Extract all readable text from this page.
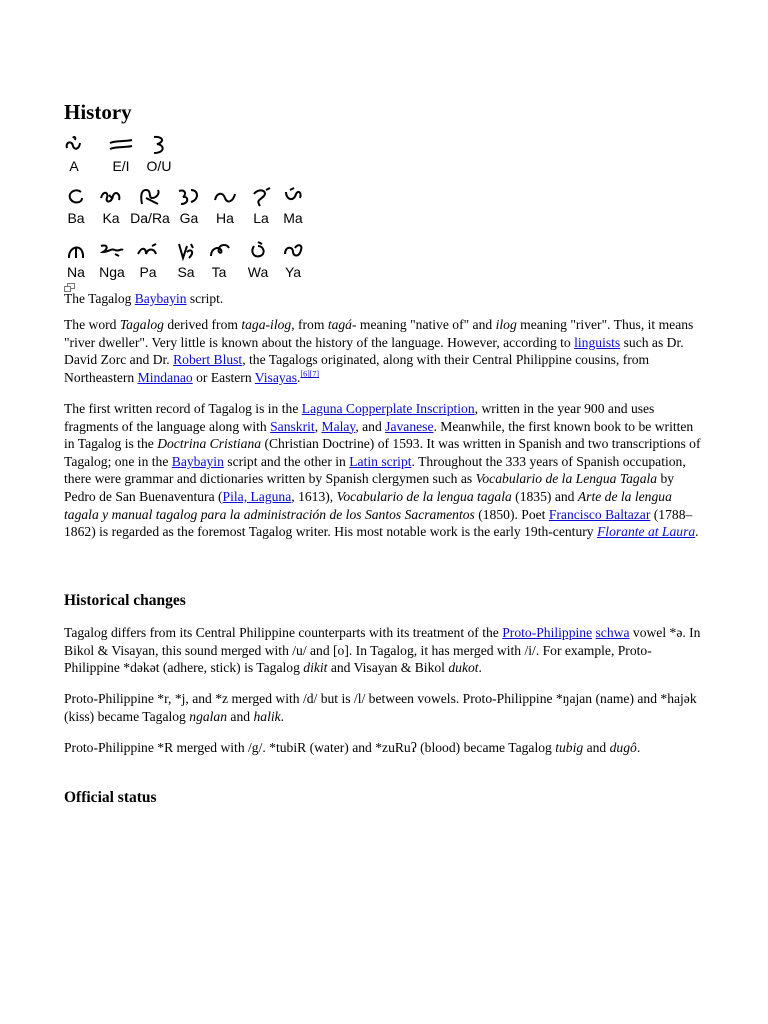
History
A	E/I	O/U
Ba	Ka Da/Ra Ga	Ha	La	Ma
Na	Nga	Pa	Sa	Ta	Wa	Ya
The Tagalog Baybayin script.

The word Tagalog derived from taga-ilog, from tagá- meaning "native of" and ilog meaning "river". Thus, it means "river dweller". Very little is known about the history of the language. However, according to linguists such as Dr. David Zorc and Dr. Robert Blust, the Tagalogs originated, along with their Central Philippine cousins, from Northeastern Mindanao or Eastern Visayas.[6][7]

The first written record of Tagalog is in the Laguna Copperplate Inscription, written in the year 900 and uses fragments of the language along with Sanskrit, Malay, and Javanese. Meanwhile, the first known book to be written in Tagalog is the Doctrina Cristiana (Christian Doctrine) of 1593. It was written in Spanish and two transcriptions of Tagalog; one in the Baybayin script and the other in Latin script. Throughout the 333 years of Spanish occupation, there were grammar and dictionaries written by Spanish clergymen such as Vocabulario de la Lengua Tagala by Pedro de San Buenaventura (Pila, Laguna, 1613), Vocabulario de la lengua tagala (1835) and Arte de la lengua tagala y manual tagalog para la administración de los Santos Sacramentos (1850). Poet Francisco Baltazar (1788–1862) is regarded as the foremost Tagalog writer. His most notable work is the early 19th-century Florante at Laura.

Historical changes

Tagalog differs from its Central Philippine counterparts with its treatment of the Proto-Philippine schwa vowel *ə. In Bikol & Visayan, this sound merged with /u/ and [o]. In Tagalog, it has merged with /i/. For example, Proto-Philippine *dəkət (adhere, stick) is Tagalog dikit and Visayan & Bikol dukot.

Proto-Philippine *r, *j, and *z merged with /d/ but is /l/ between vowels. Proto-Philippine *ŋajan (name) and *hajək (kiss) became Tagalog ngalan and halik.

Proto-Philippine *R merged with /g/. *tubiR (water) and *zuRuʔ (blood) became Tagalog tubig and dugô.

Official status
